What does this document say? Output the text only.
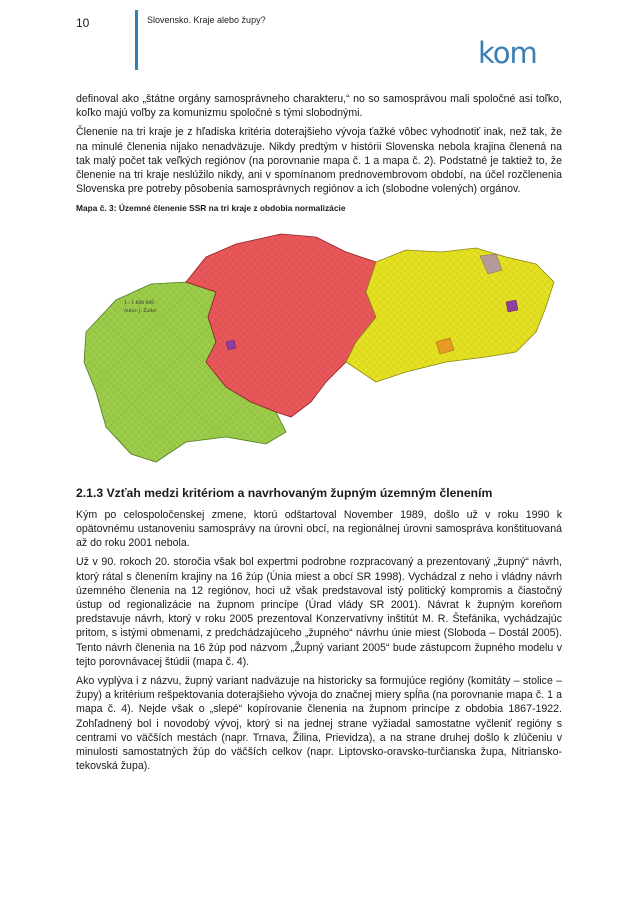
10	Slovensko. Kraje alebo župy?
kom

definoval ako „štátne orgány samosprávneho charakteru,“ no so samosprávou mali spoločné asi toľko, koľko majú voľby za komunizmu spoločné s tými slobodnými.

Členenie na tri kraje je z hľadiska kritéria doterajšieho vývoja ťažké vôbec vyhodnotiť inak, než tak, že na minulé členenia nijako nenadväzuje. Nikdy predtým v histórii Slovenska nebola krajina členená na tak malý počet tak veľkých regiónov (na porovnanie mapa č. 1 a mapa č. 2). Podstatné je taktiež to, že členenie na tri kraje neslúžilo nikdy, ani v spomínanom prednovembrovom období, na účel rozčlenenia Slovenska pre potreby pôsobenia samosprávnych regiónov a ich (slobodne volených) orgánov.

Mapa č. 3: Územné členenie SSR na tri kraje z obdobia normalizácie
1 : 1 600 000
Autor: J. Žudel
2.1.3 Vzťah medzi kritériom a navrhovaným župným územným členením

Kým po celospoločenskej zmene, ktorú odštartoval November 1989, došlo už v roku 1990 k opätovnému ustanoveniu samosprávy na úrovni obcí, na regionálnej úrovni samospráva konštituovaná až do roku 2001 nebola.

Už v 90. rokoch 20. storočia však bol expertmi podrobne rozpracovaný a prezentovaný „župný“ návrh, ktorý rátal s členením krajiny na 16 žúp (Únia miest a obcí SR 1998). Vychádzal z neho i vládny návrh územného členenia na 12 regiónov, hoci už však predstavoval istý politický kompromis a čiastočný ústup od regionalizácie na župnom princípe (Úrad vlády SR 2001). Návrat k župným koreňom predstavuje návrh, ktorý v roku 2005 prezentoval Konzervatívny inštitút M. R. Štefánika, vychádzajúc pritom, s istými obmenami, z predchádzajúceho „župného“ návrhu únie miest (Sloboda – Dostál 2005). Tento návrh členenia na 16 žúp pod názvom „Župný variant 2005“ bude zástupcom župného modelu v tejto porovnávacej štúdii (mapa č. 4).

Ako vyplýva i z názvu, župný variant nadväzuje na historicky sa formujúce regióny (komitáty – stolice – župy) a kritérium rešpektovania doterajšieho vývoja do značnej miery spĺňa (na porovnanie mapa č. 1 a mapa č. 4). Nejde však o „slepé“ kopírovanie členenia na župnom princípe z obdobia 1867-1922. Zohľadnený bol i novodobý vývoj, ktorý si na jednej strane vyžiadal samostatne vyčleniť regióny s centrami vo väčších mestách (napr. Trnava, Žilina, Prievidza), a na strane druhej došlo k zlúčeniu v minulosti samostatných žúp do väčších celkov (napr. Liptovsko-oravsko-turčianska župa, Nitriansko-tekovská župa).
